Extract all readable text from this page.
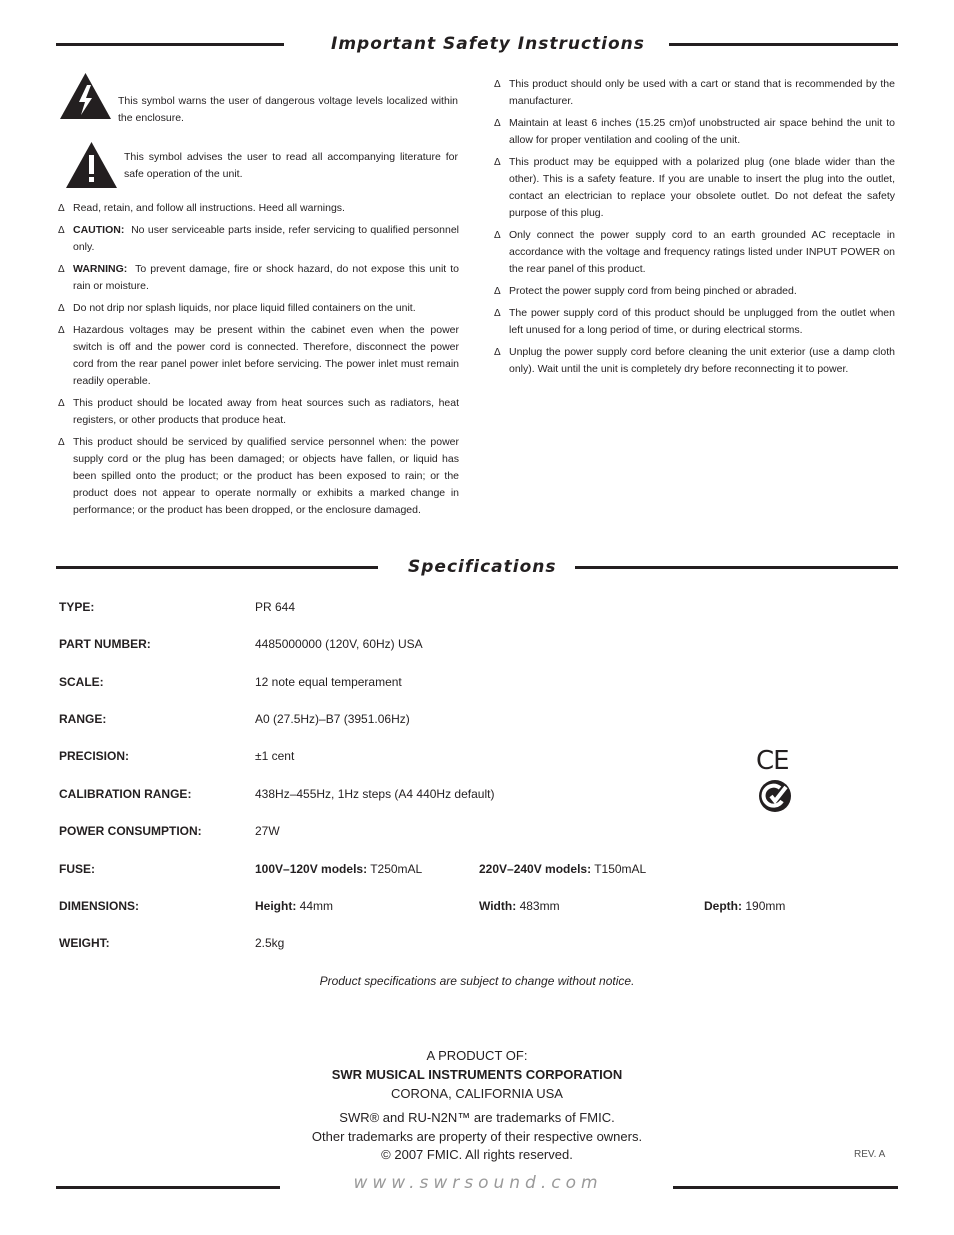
Important Safety Instructions
This symbol warns the user of dangerous voltage levels localized within the enclosure.
This symbol advises the user to read all accompanying literature for safe operation of the unit.
Δ Read, retain, and follow all instructions. Heed all warnings.
Δ CAUTION: No user serviceable parts inside, refer servicing to qualified personnel only.
Δ WARNING: To prevent damage, fire or shock hazard, do not expose this unit to rain or moisture.
Δ Do not drip nor splash liquids, nor place liquid filled containers on the unit.
Δ Hazardous voltages may be present within the cabinet even when the power switch is off and the power cord is connected. Therefore, disconnect the power cord from the rear panel power inlet before servicing. The power inlet must remain readily operable.
Δ This product should be located away from heat sources such as radiators, heat registers, or other products that produce heat.
Δ This product should be serviced by qualified service personnel when: the power supply cord or the plug has been damaged; or objects have fallen, or liquid has been spilled onto the product; or the product has been exposed to rain; or the product does not appear to operate normally or exhibits a marked change in performance; or the product has been dropped, or the enclosure damaged.
Δ This product should only be used with a cart or stand that is recommended by the manufacturer.
Δ Maintain at least 6 inches (15.25 cm)of unobstructed air space behind the unit to allow for proper ventilation and cooling of the unit.
Δ This product may be equipped with a polarized plug (one blade wider than the other). This is a safety feature. If you are unable to insert the plug into the outlet, contact an electrician to replace your obsolete outlet. Do not defeat the safety purpose of this plug.
Δ Only connect the power supply cord to an earth grounded AC receptacle in accordance with the voltage and frequency ratings listed under INPUT POWER on the rear panel of this product.
Δ Protect the power supply cord from being pinched or abraded.
Δ The power supply cord of this product should be unplugged from the outlet when left unused for a long period of time, or during electrical storms.
Δ Unplug the power supply cord before cleaning the unit exterior (use a damp cloth only). Wait until the unit is completely dry before reconnecting it to power.
Specifications
TYPE:	PR 644
PART NUMBER:	4485000000 (120V, 60Hz) USA
SCALE:	12 note equal temperament
RANGE:	A0 (27.5Hz)–B7 (3951.06Hz)
PRECISION:	±1 cent
CALIBRATION RANGE:	438Hz–455Hz, 1Hz steps (A4 440Hz default)
POWER CONSUMPTION:	27W
FUSE:	100V–120V models: T250mAL	220V–240V models: T150mAL
DIMENSIONS:	Height: 44mm	Width: 483mm	Depth: 190mm
WEIGHT:	2.5kg
CE
Product specifications are subject to change without notice.
A PRODUCT OF:
SWR MUSICAL INSTRUMENTS CORPORATION
CORONA, CALIFORNIA USA
SWR® and RU-N2N™ are trademarks of FMIC.
Other trademarks are property of their respective owners.
© 2007 FMIC. All rights reserved.	REV. A
www.swrsound.com
